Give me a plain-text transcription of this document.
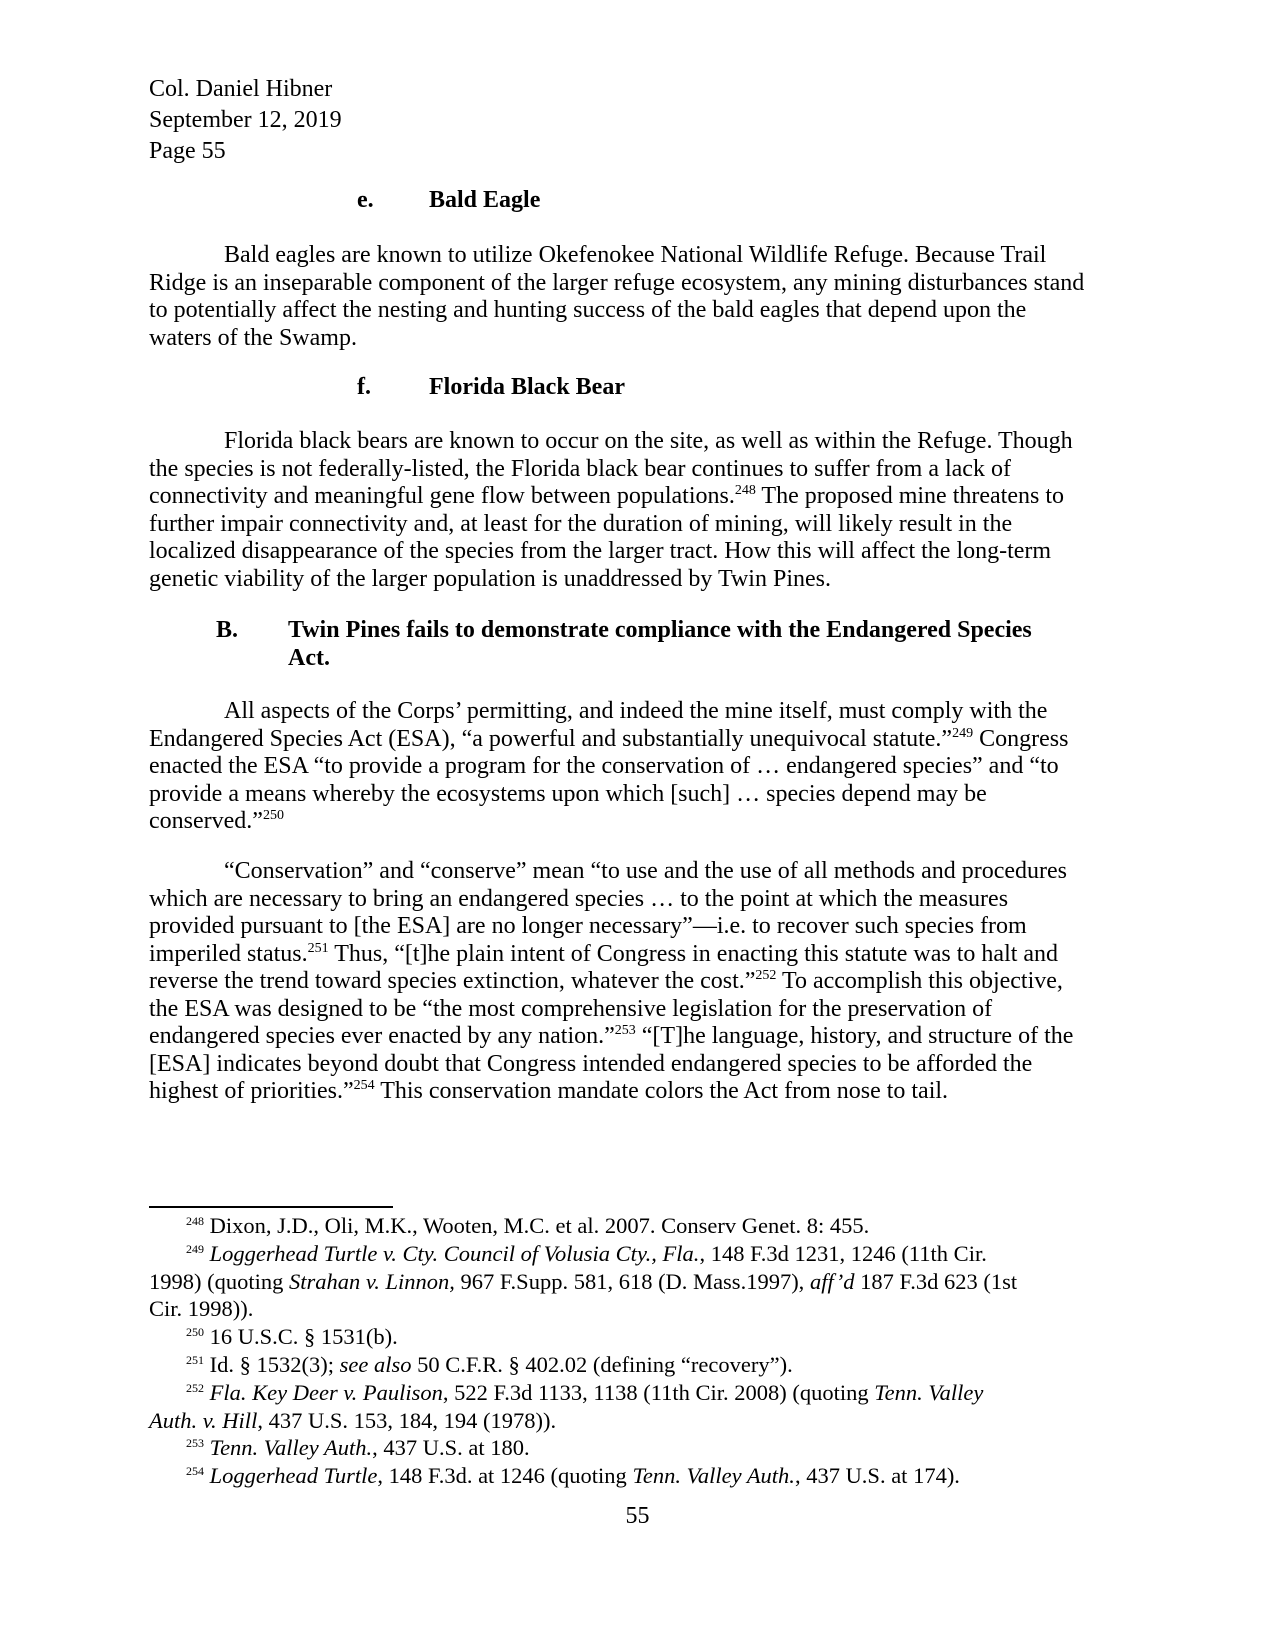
Col. Daniel Hibner
September 12, 2019
Page 55
e. Bald Eagle
Bald eagles are known to utilize Okefenokee National Wildlife Refuge. Because Trail
Ridge is an inseparable component of the larger refuge ecosystem, any mining disturbances stand
to potentially affect the nesting and hunting success of the bald eagles that depend upon the
waters of the Swamp.
f. Florida Black Bear
Florida black bears are known to occur on the site, as well as within the Refuge. Though
the species is not federally-listed, the Florida black bear continues to suffer from a lack of
connectivity and meaningful gene flow between populations.$^{248}$ The proposed mine threatens to
further impair connectivity and, at least for the duration of mining, will likely result in the
localized disappearance of the species from the larger tract. How this will affect the long-term
genetic viability of the larger population is unaddressed by Twin Pines.
B. Twin Pines fails to demonstrate compliance with the Endangered Species
Act.
All aspects of the Corps’ permitting, and indeed the mine itself, must comply with the
Endangered Species Act (ESA), “a powerful and substantially unequivocal statute.”$^{249}$ Congress
enacted the ESA “to provide a program for the conservation of … endangered species” and “to
provide a means whereby the ecosystems upon which [such] … species depend may be
conserved.”$^{250}$
“Conservation” and “conserve” mean “to use and the use of all methods and procedures
which are necessary to bring an endangered species … to the point at which the measures
provided pursuant to [the ESA] are no longer necessary”—i.e. to recover such species from
imperiled status.$^{251}$ Thus, “[t]he plain intent of Congress in enacting this statute was to halt and
reverse the trend toward species extinction, whatever the cost.”$^{252}$ To accomplish this objective,
the ESA was designed to be “the most comprehensive legislation for the preservation of
endangered species ever enacted by any nation.”$^{253}$ “[T]he language, history, and structure of the
[ESA] indicates beyond doubt that Congress intended endangered species to be afforded the
highest of priorities.”$^{254}$ This conservation mandate colors the Act from nose to tail.
$^{248}$ Dixon, J.D., Oli, M.K., Wooten, M.C. et al. 2007. Conserv Genet. 8: 455.
$^{249}$ Loggerhead Turtle v. Cty. Council of Volusia Cty., Fla., 148 F.3d 1231, 1246 (11th Cir.
1998) (quoting Strahan v. Linnon, 967 F.Supp. 581, 618 (D. Mass.1997), aff’d 187 F.3d 623 (1st
Cir. 1998)).
$^{250}$ 16 U.S.C. § 1531(b).
$^{251}$ Id. § 1532(3); see also 50 C.F.R. § 402.02 (defining “recovery”).
$^{252}$ Fla. Key Deer v. Paulison, 522 F.3d 1133, 1138 (11th Cir. 2008) (quoting Tenn. Valley
Auth. v. Hill, 437 U.S. 153, 184, 194 (1978)).
$^{253}$ Tenn. Valley Auth., 437 U.S. at 180.
$^{254}$ Loggerhead Turtle, 148 F.3d. at 1246 (quoting Tenn. Valley Auth., 437 U.S. at 174).
55
